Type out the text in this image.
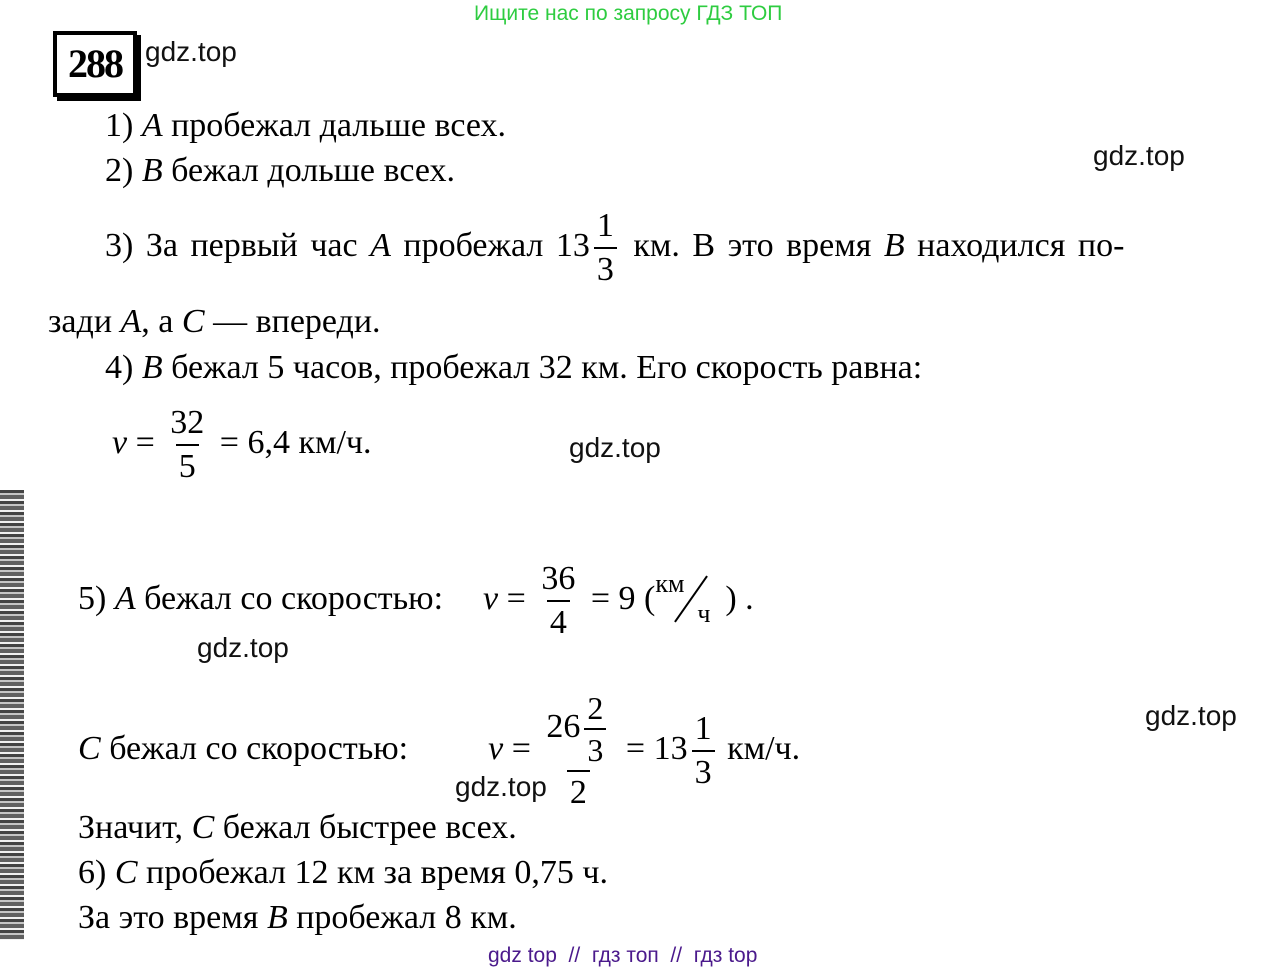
Ищите нас по запросу ГДЗ ТОП
288 gdz.top
gdz.top
gdz.top
gdz.top
gdz.top
gdz.top
1) A пробежал дальше всех.
2) B бежал дольше всех.
3) За первый час A пробежал $13 \frac{1}{3}$ км. В это время B находился по-
зади A, а C — впереди.
4) B бежал 5 часов, пробежал 32 км. Его скорость равна:
$v = \frac{32}{5} = 6,4$ км/ч.
5) A бежал со скоростью: $v = \frac{36}{4} = 9$ ( км
ч ) .
C бежал со скоростью: $v = \frac{26 \frac{2}{3}}{2} = 13 \frac{1}{3} км/ч$.
Значит, C бежал быстрее всех.
6) C пробежал 12 км за время 0,75 ч.
За это время B пробежал 8 км.
gdz top  //  гдз топ  //  гдз top
